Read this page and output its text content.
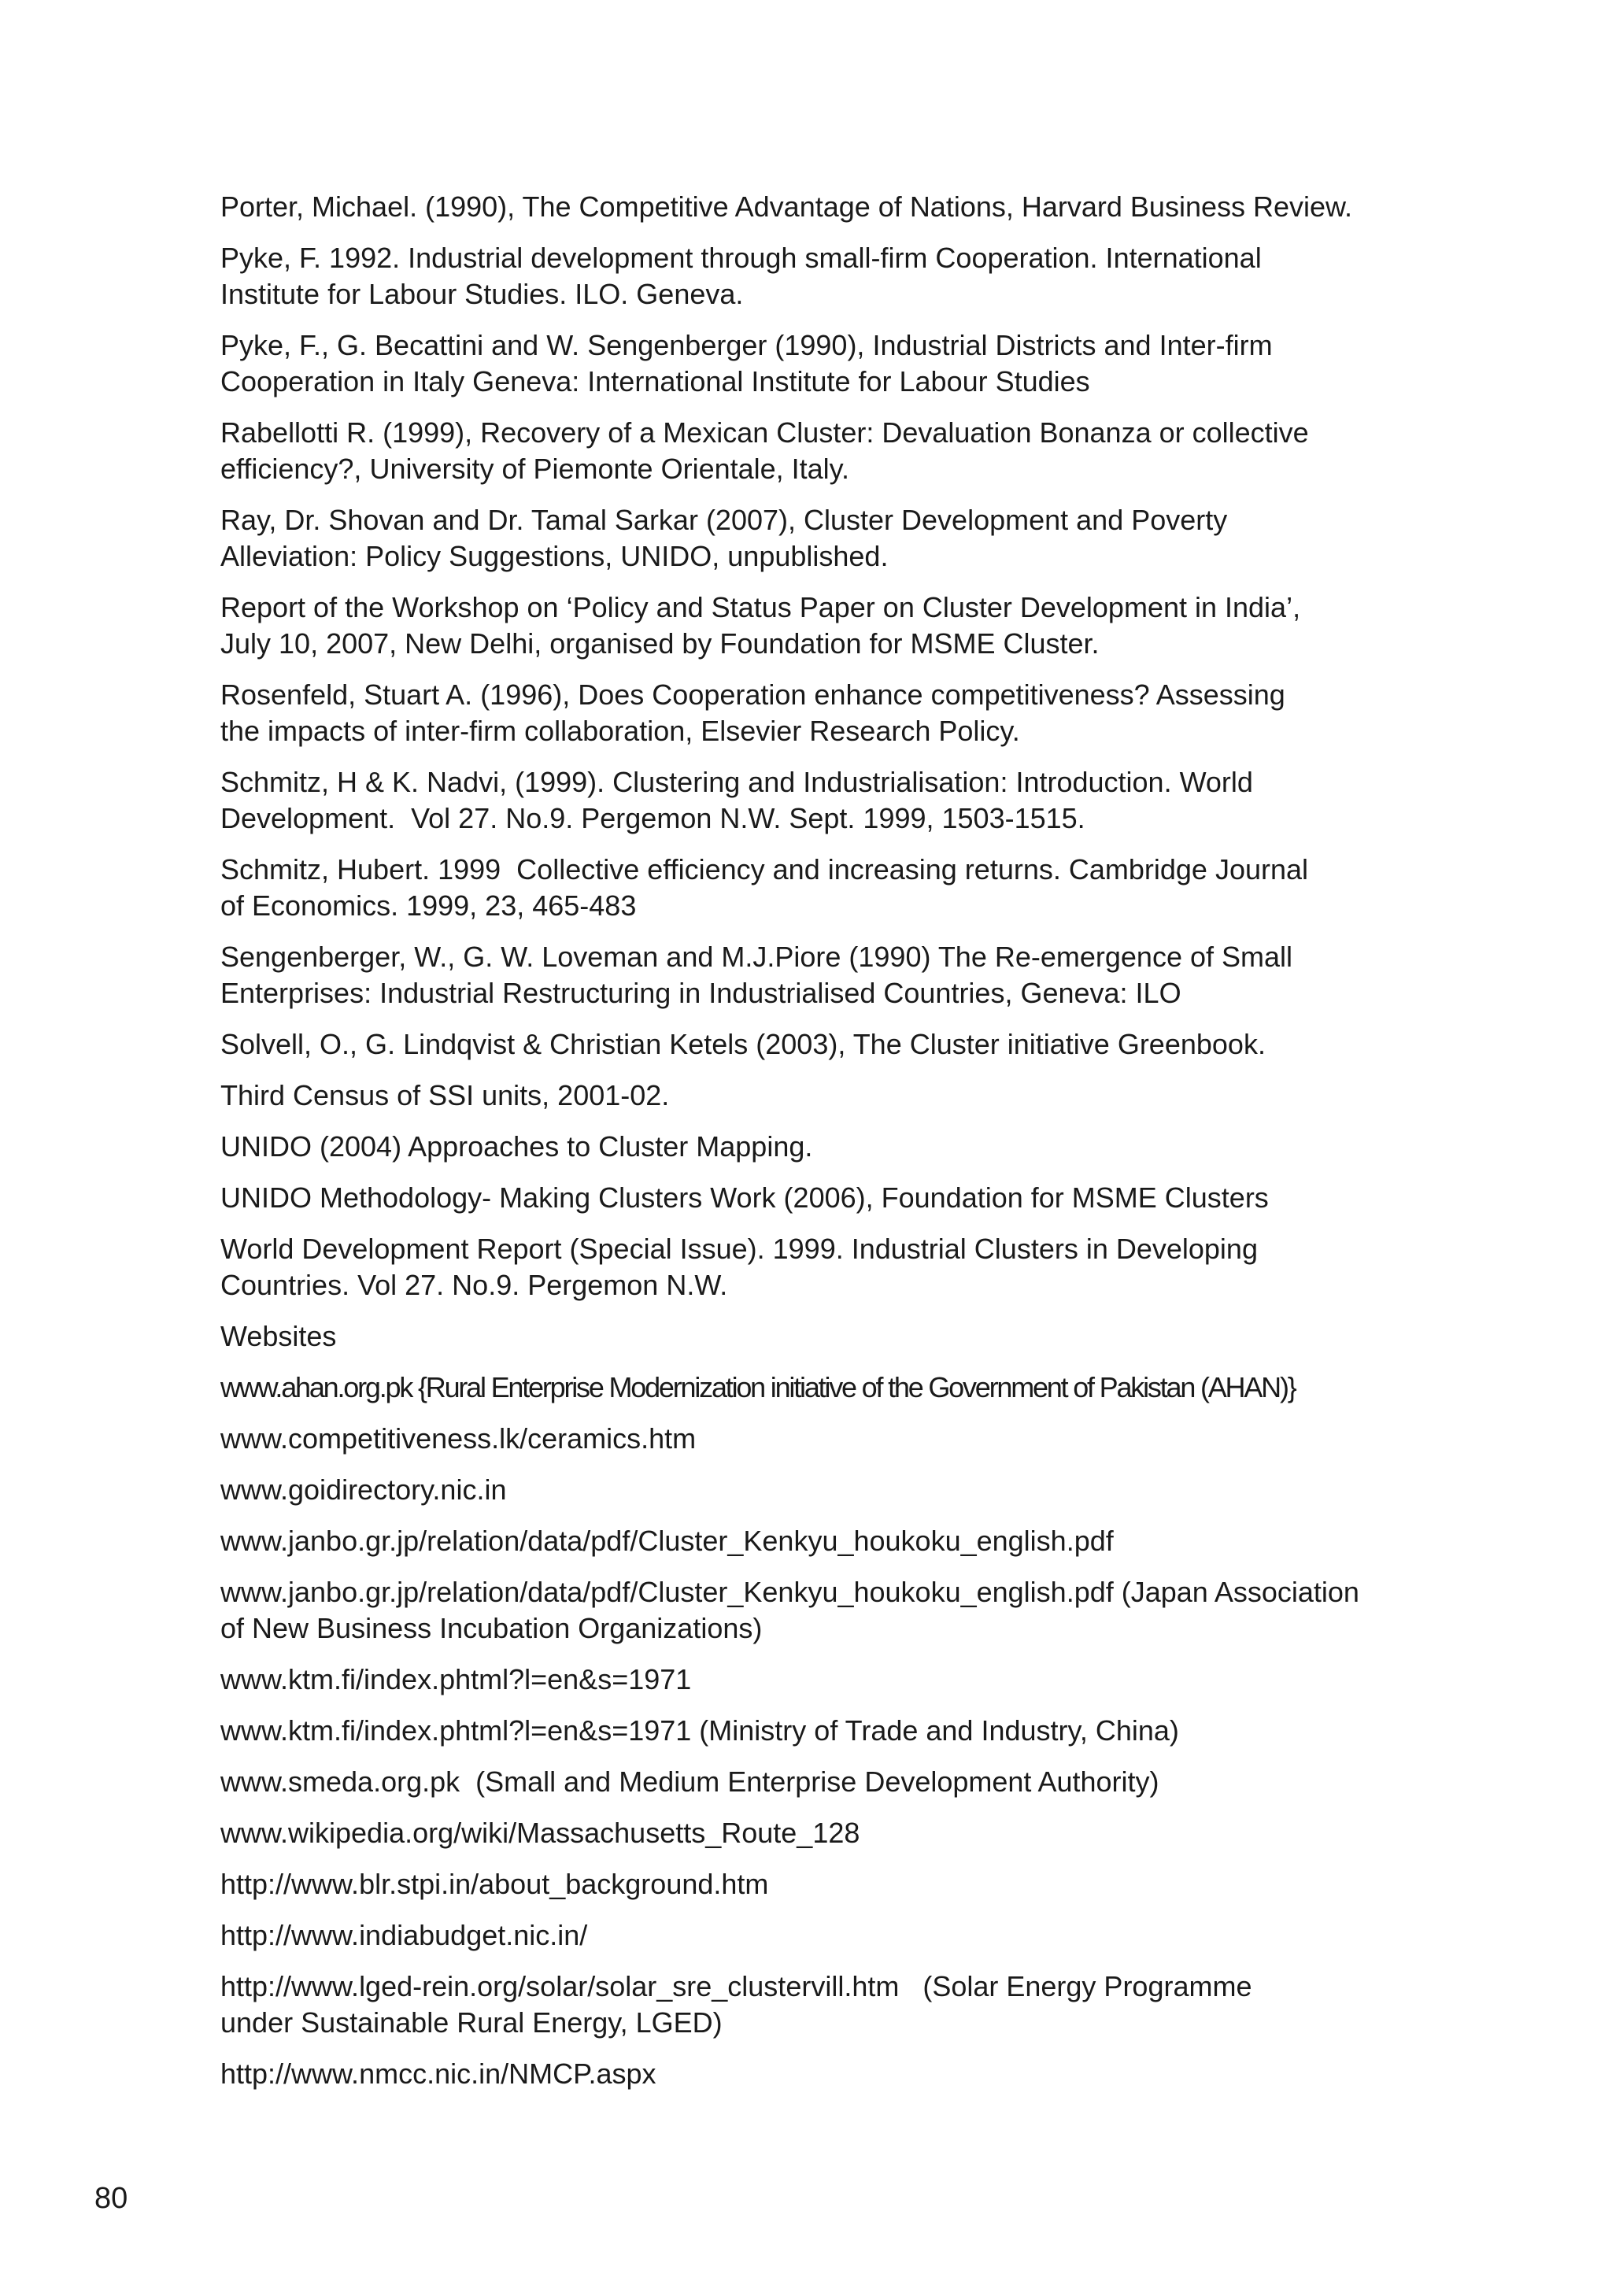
Porter, Michael. (1990), The Competitive Advantage of Nations, Harvard Business Review.

Pyke, F. 1992. Industrial development through small-firm Cooperation. International
Institute for Labour Studies. ILO. Geneva.

Pyke, F., G. Becattini and W. Sengenberger (1990), Industrial Districts and Inter-firm
Cooperation in Italy Geneva: International Institute for Labour Studies

Rabellotti R. (1999), Recovery of a Mexican Cluster: Devaluation Bonanza or collective
efficiency?, University of Piemonte Orientale, Italy.

Ray, Dr. Shovan and Dr. Tamal Sarkar (2007), Cluster Development and Poverty
Alleviation: Policy Suggestions, UNIDO, unpublished.

Report of the Workshop on ‘Policy and Status Paper on Cluster Development in India’,
July 10, 2007, New Delhi, organised by Foundation for MSME Cluster.

Rosenfeld, Stuart A. (1996), Does Cooperation enhance competitiveness? Assessing
the impacts of inter-firm collaboration, Elsevier Research Policy.

Schmitz, H & K. Nadvi, (1999). Clustering and Industrialisation: Introduction. World
Development.  Vol 27. No.9. Pergemon N.W. Sept. 1999, 1503-1515.

Schmitz, Hubert. 1999  Collective efficiency and increasing returns. Cambridge Journal
of Economics. 1999, 23, 465-483

Sengenberger, W., G. W. Loveman and M.J.Piore (1990) The Re-emergence of Small
Enterprises: Industrial Restructuring in Industrialised Countries, Geneva: ILO

Solvell, O., G. Lindqvist & Christian Ketels (2003), The Cluster initiative Greenbook.

Third Census of SSI units, 2001-02.

UNIDO (2004) Approaches to Cluster Mapping.

UNIDO Methodology- Making Clusters Work (2006), Foundation for MSME Clusters

World Development Report (Special Issue). 1999. Industrial Clusters in Developing
Countries. Vol 27. No.9. Pergemon N.W.

Websites

www.ahan.org.pk {Rural Enterprise Modernization initiative of the Government of Pakistan (AHAN)}

www.competitiveness.lk/ceramics.htm

www.goidirectory.nic.in

www.janbo.gr.jp/relation/data/pdf/Cluster_Kenkyu_houkoku_english.pdf

www.janbo.gr.jp/relation/data/pdf/Cluster_Kenkyu_houkoku_english.pdf (Japan Association
of New Business Incubation Organizations)

www.ktm.fi/index.phtml?l=en&s=1971

www.ktm.fi/index.phtml?l=en&s=1971 (Ministry of Trade and Industry, China)

www.smeda.org.pk  (Small and Medium Enterprise Development Authority)

www.wikipedia.org/wiki/Massachusetts_Route_128

http://www.blr.stpi.in/about_background.htm

http://www.indiabudget.nic.in/

http://www.lged-rein.org/solar/solar_sre_clustervill.htm   (Solar Energy Programme
under Sustainable Rural Energy, LGED)

http://www.nmcc.nic.in/NMCP.aspx

80
